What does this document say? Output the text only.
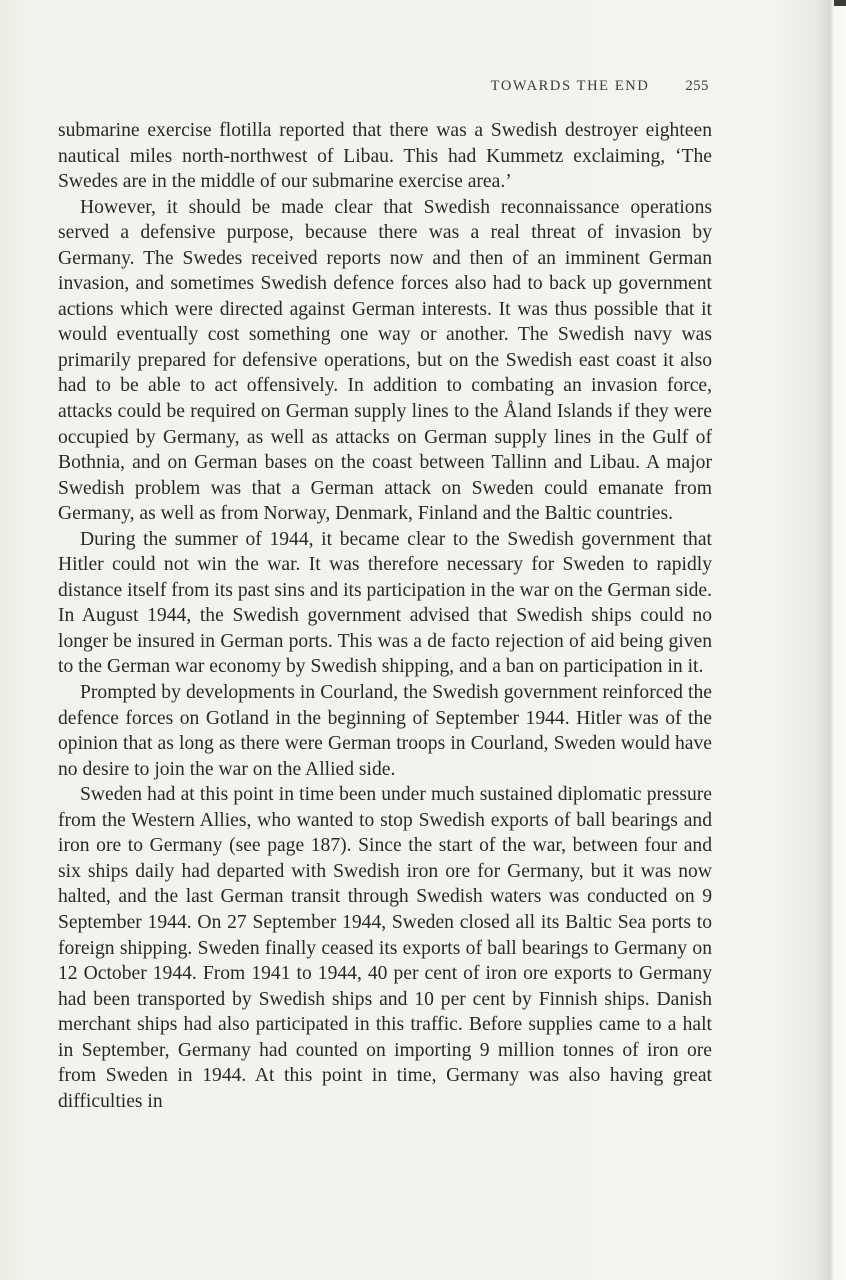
TOWARDS THE END 255

submarine exercise flotilla reported that there was a Swedish destroyer eighteen nautical miles north-northwest of Libau. This had Kummetz exclaiming, ‘The Swedes are in the middle of our submarine exercise area.’

However, it should be made clear that Swedish reconnaissance operations served a defensive purpose, because there was a real threat of invasion by Germany. The Swedes received reports now and then of an imminent German invasion, and sometimes Swedish defence forces also had to back up government actions which were directed against German interests. It was thus possible that it would eventually cost something one way or another. The Swedish navy was primarily prepared for defensive operations, but on the Swedish east coast it also had to be able to act offensively. In addition to combating an invasion force, attacks could be required on German supply lines to the Åland Islands if they were occupied by Germany, as well as attacks on German supply lines in the Gulf of Bothnia, and on German bases on the coast between Tallinn and Libau. A major Swedish problem was that a German attack on Sweden could emanate from Germany, as well as from Norway, Denmark, Finland and the Baltic countries.

During the summer of 1944, it became clear to the Swedish government that Hitler could not win the war. It was therefore necessary for Sweden to rapidly distance itself from its past sins and its participation in the war on the German side. In August 1944, the Swedish government advised that Swedish ships could no longer be insured in German ports. This was a de facto rejection of aid being given to the German war economy by Swedish shipping, and a ban on participation in it.

Prompted by developments in Courland, the Swedish government reinforced the defence forces on Gotland in the beginning of September 1944. Hitler was of the opinion that as long as there were German troops in Courland, Sweden would have no desire to join the war on the Allied side.

Sweden had at this point in time been under much sustained diplomatic pressure from the Western Allies, who wanted to stop Swedish exports of ball bearings and iron ore to Germany (see page 187). Since the start of the war, between four and six ships daily had departed with Swedish iron ore for Germany, but it was now halted, and the last German transit through Swedish waters was conducted on 9 September 1944. On 27 September 1944, Sweden closed all its Baltic Sea ports to foreign shipping. Sweden finally ceased its exports of ball bearings to Germany on 12 October 1944. From 1941 to 1944, 40 per cent of iron ore exports to Germany had been transported by Swedish ships and 10 per cent by Finnish ships. Danish merchant ships had also participated in this traffic. Before supplies came to a halt in September, Germany had counted on importing 9 million tonnes of iron ore from Sweden in 1944. At this point in time, Germany was also having great difficulties in
